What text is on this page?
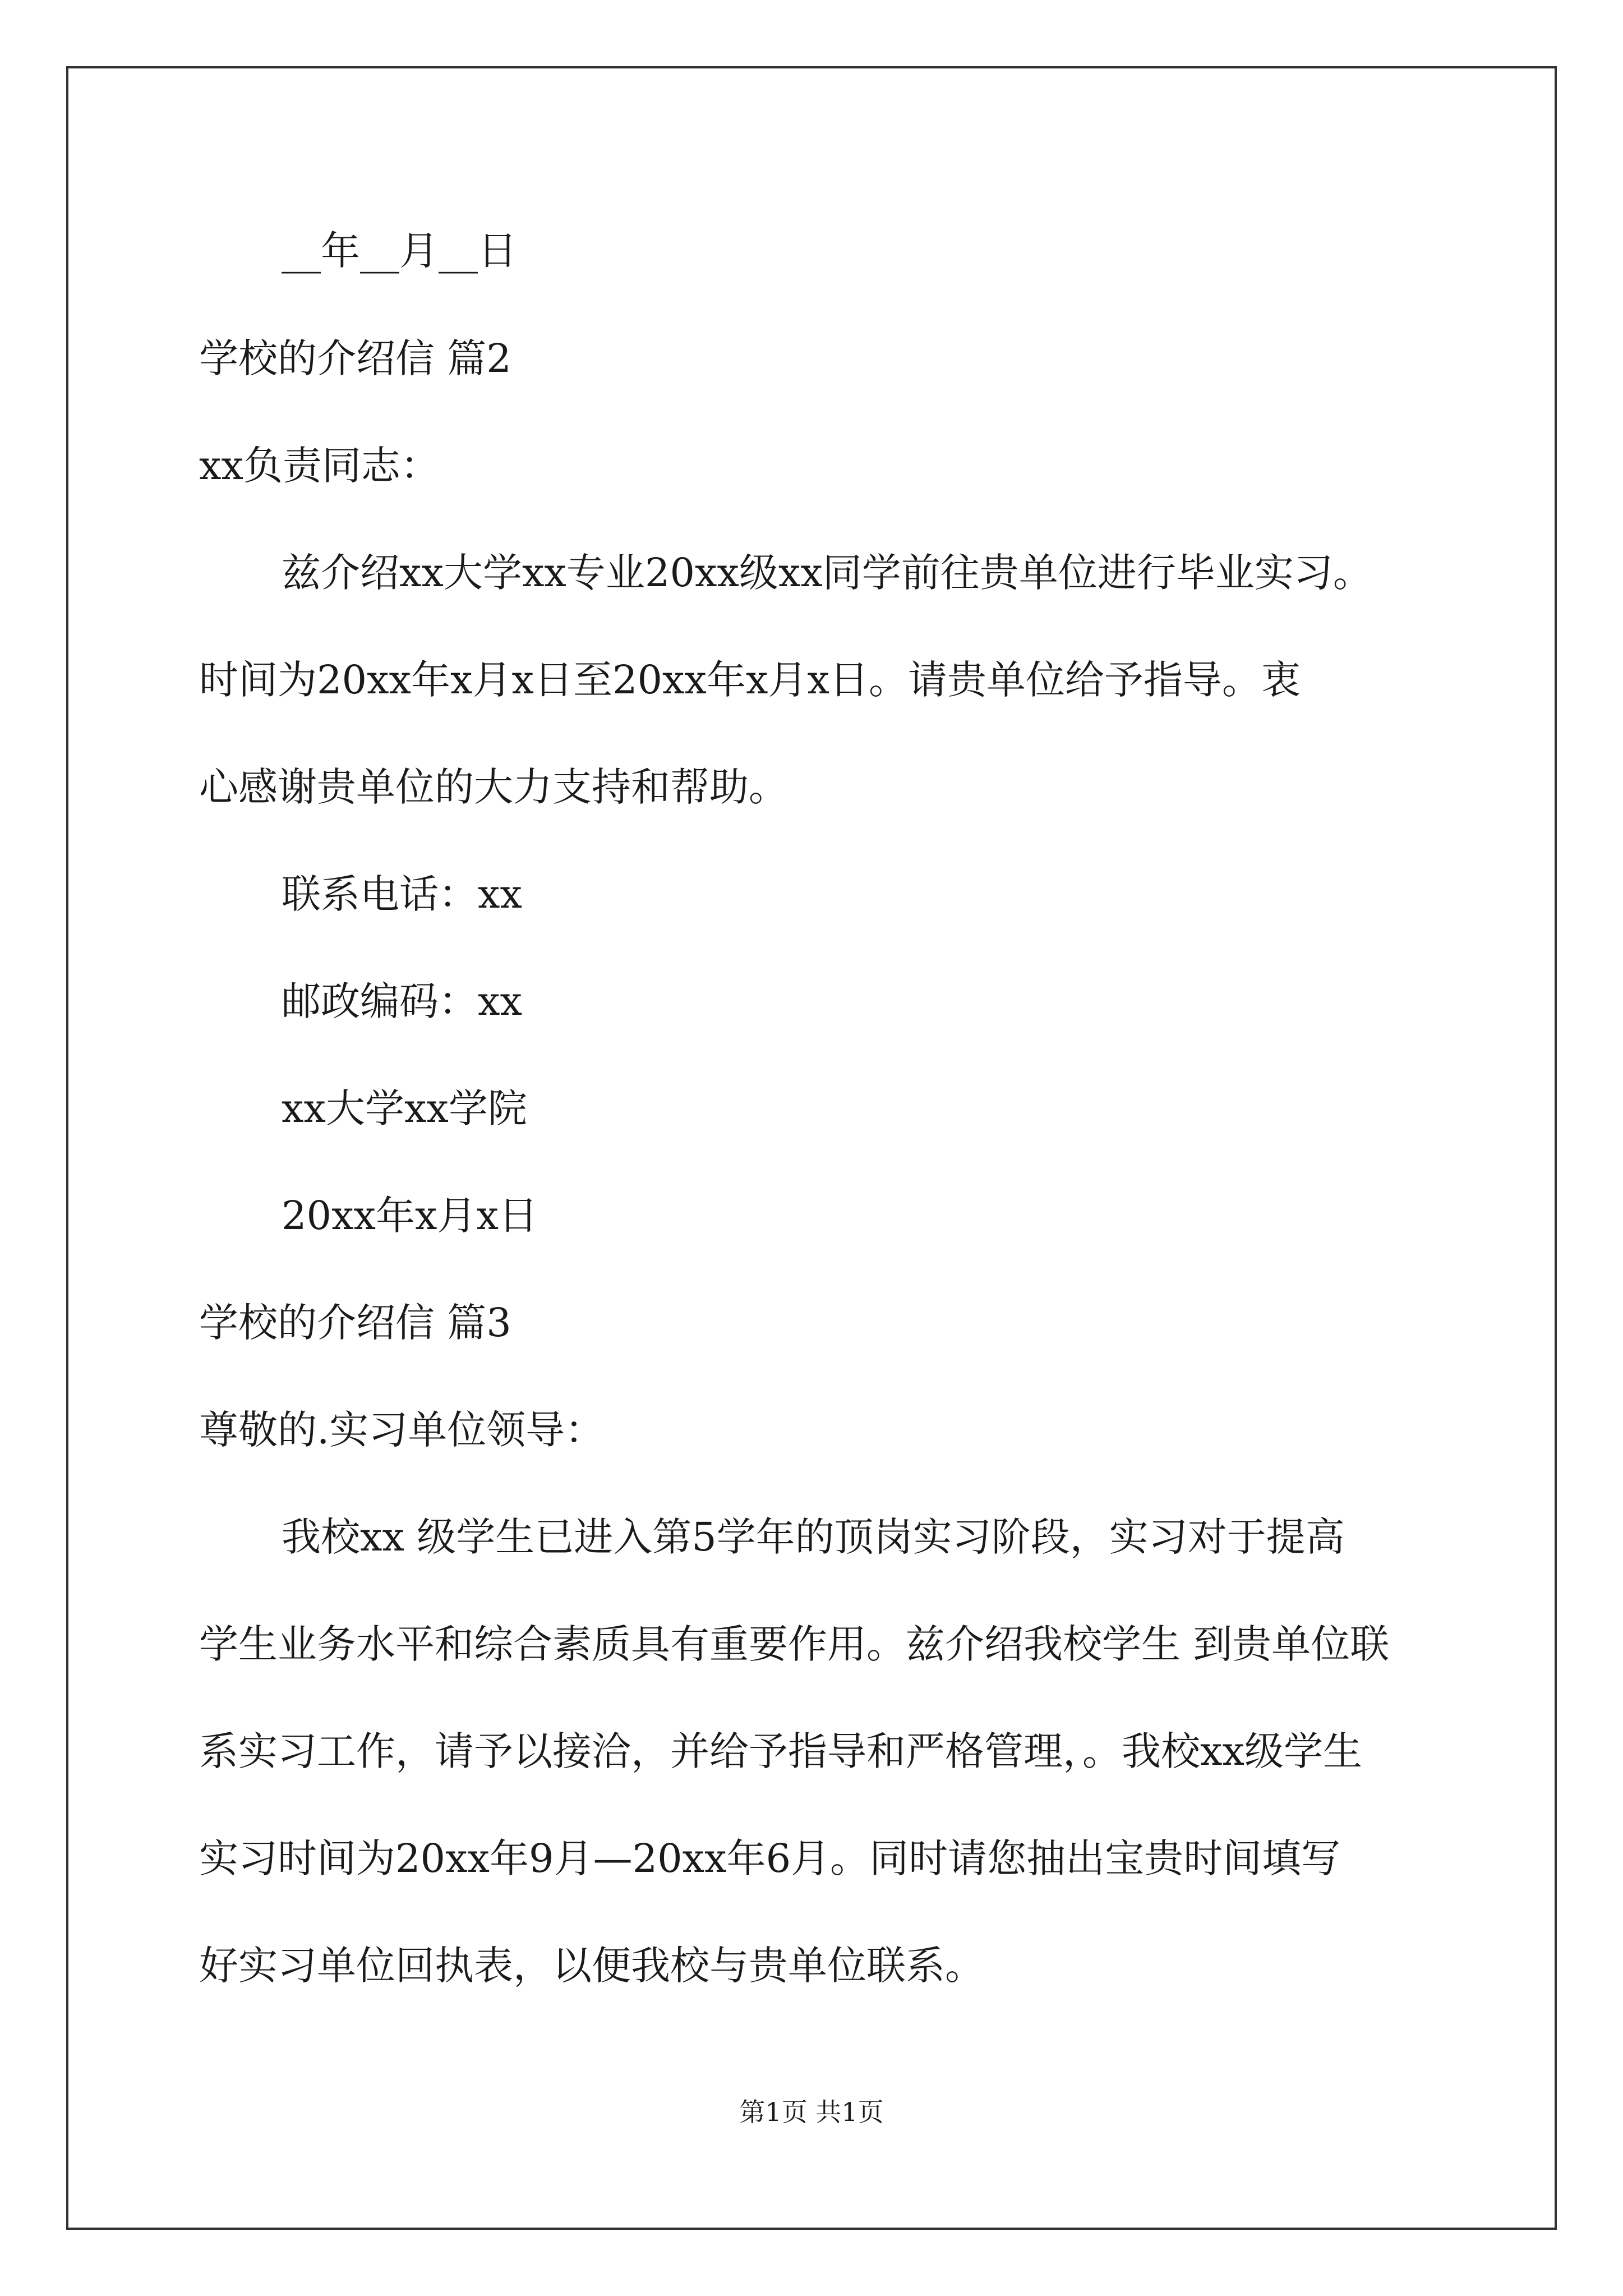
__年__月__日
学校的介绍信 篇2
xx负责同志：
兹介绍xx大学xx专业20xx级xx同学前往贵单位进行毕业实习。
时间为20xx年x月x日至20xx年x月x日。请贵单位给予指导。衷
心感谢贵单位的大力支持和帮助。
联系电话：xx
邮政编码：xx
xx大学xx学院
20xx年x月x日
学校的介绍信 篇3
尊敬的.实习单位领导：
我校xx 级学生已进入第5学年的顶岗实习阶段，实习对于提高
学生业务水平和综合素质具有重要作用。兹介绍我校学生 到贵单位联
系实习工作，请予以接洽，并给予指导和严格管理，。我校xx级学生
实习时间为20xx年9月—20xx年6月。同时请您抽出宝贵时间填写
好实习单位回执表，以便我校与贵单位联系。
第1页 共1页
